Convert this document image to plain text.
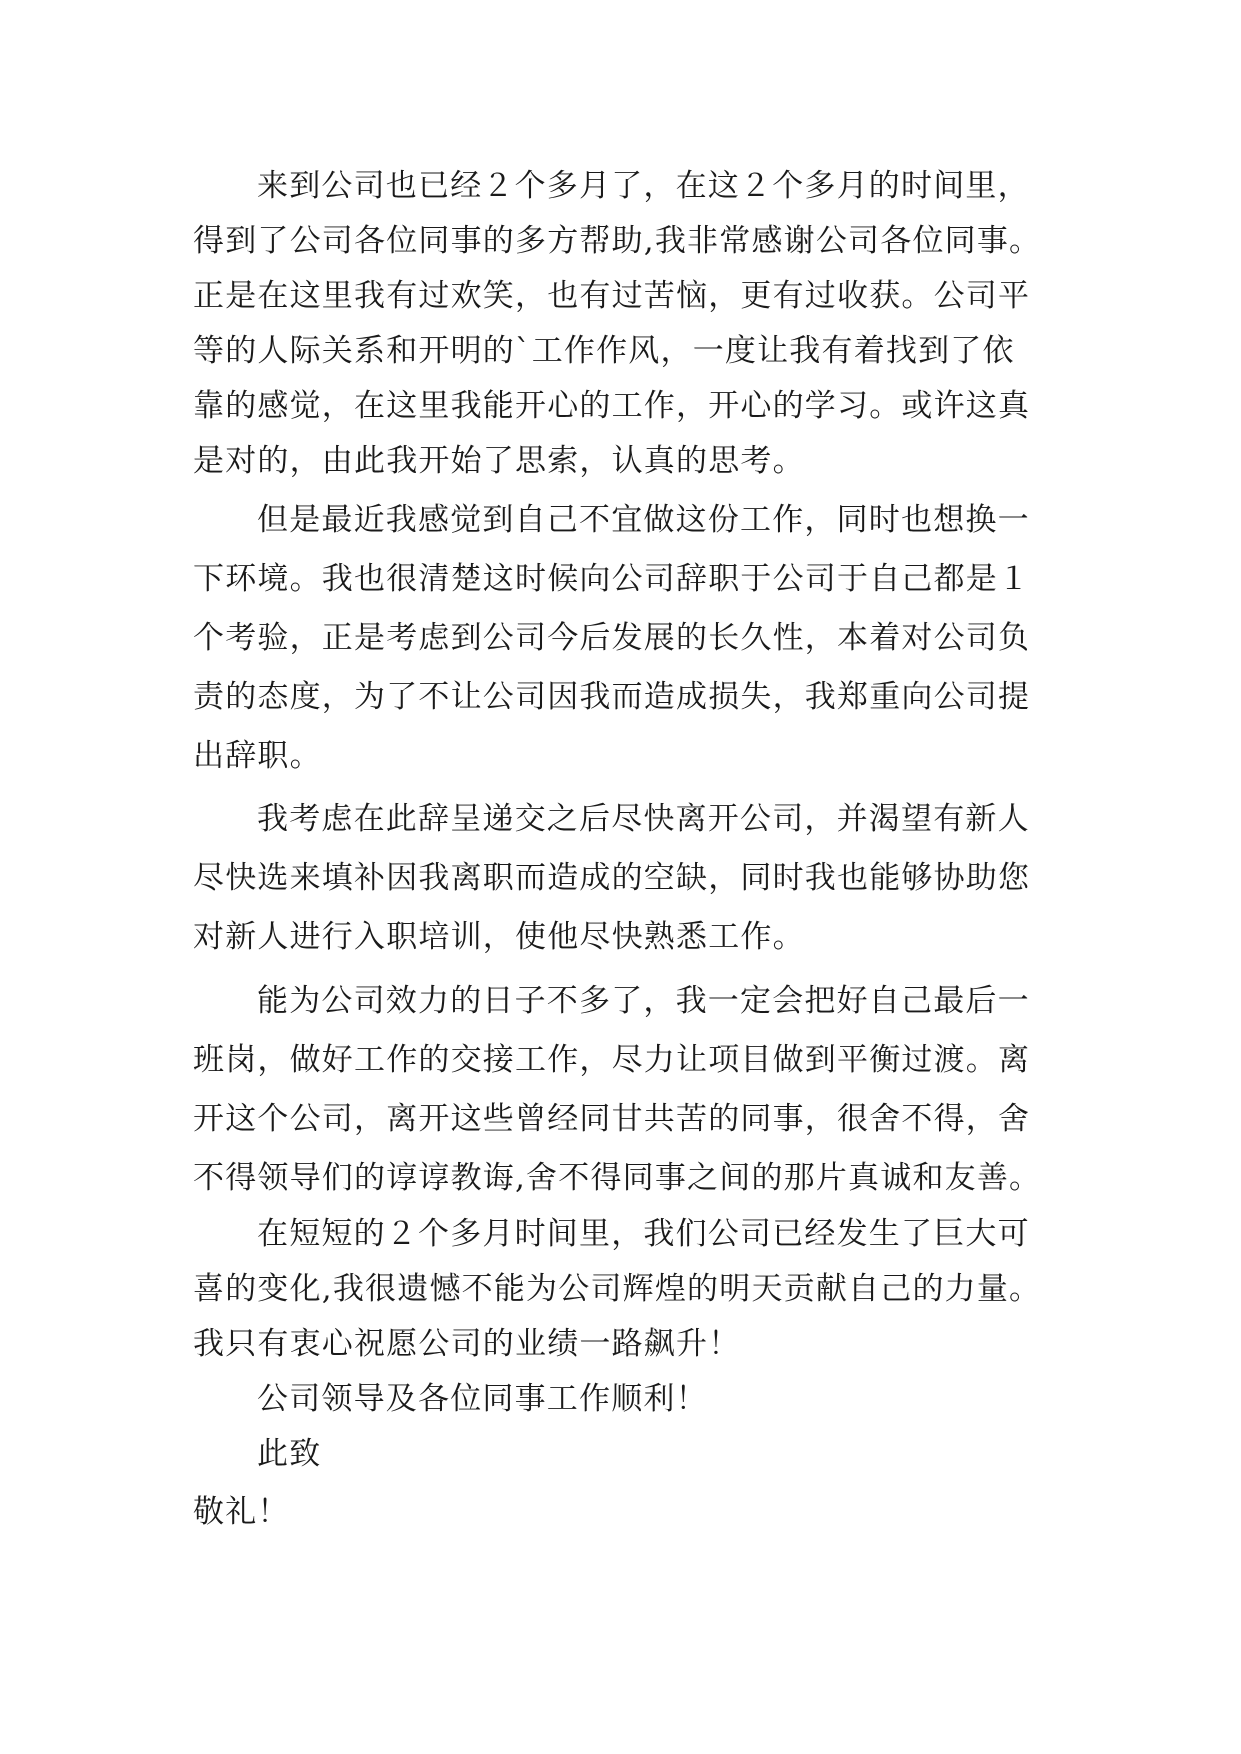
来到公司也已经２个多月了，在这２个多月的时间里，
得到了公司各位同事的多方帮助,我非常感谢公司各位同事。
正是在这里我有过欢笑，也有过苦恼，更有过收获。公司平
等的人际关系和开明的`工作作风，一度让我有着找到了依
靠的感觉，在这里我能开心的工作，开心的学习。或许这真
是对的，由此我开始了思索，认真的思考。
但是最近我感觉到自己不宜做这份工作，同时也想换一
下环境。我也很清楚这时候向公司辞职于公司于自己都是１
个考验，正是考虑到公司今后发展的长久性，本着对公司负
责的态度，为了不让公司因我而造成损失，我郑重向公司提
出辞职。
我考虑在此辞呈递交之后尽快离开公司，并渴望有新人
尽快选来填补因我离职而造成的空缺，同时我也能够协助您
对新人进行入职培训，使他尽快熟悉工作。
能为公司效力的日子不多了，我一定会把好自己最后一
班岗，做好工作的交接工作，尽力让项目做到平衡过渡。离
开这个公司，离开这些曾经同甘共苦的同事，很舍不得，舍
不得领导们的谆谆教诲,舍不得同事之间的那片真诚和友善。
在短短的２个多月时间里，我们公司已经发生了巨大可
喜的变化,我很遗憾不能为公司辉煌的明天贡献自己的力量。
我只有衷心祝愿公司的业绩一路飙升！
公司领导及各位同事工作顺利！
此致
敬礼！
